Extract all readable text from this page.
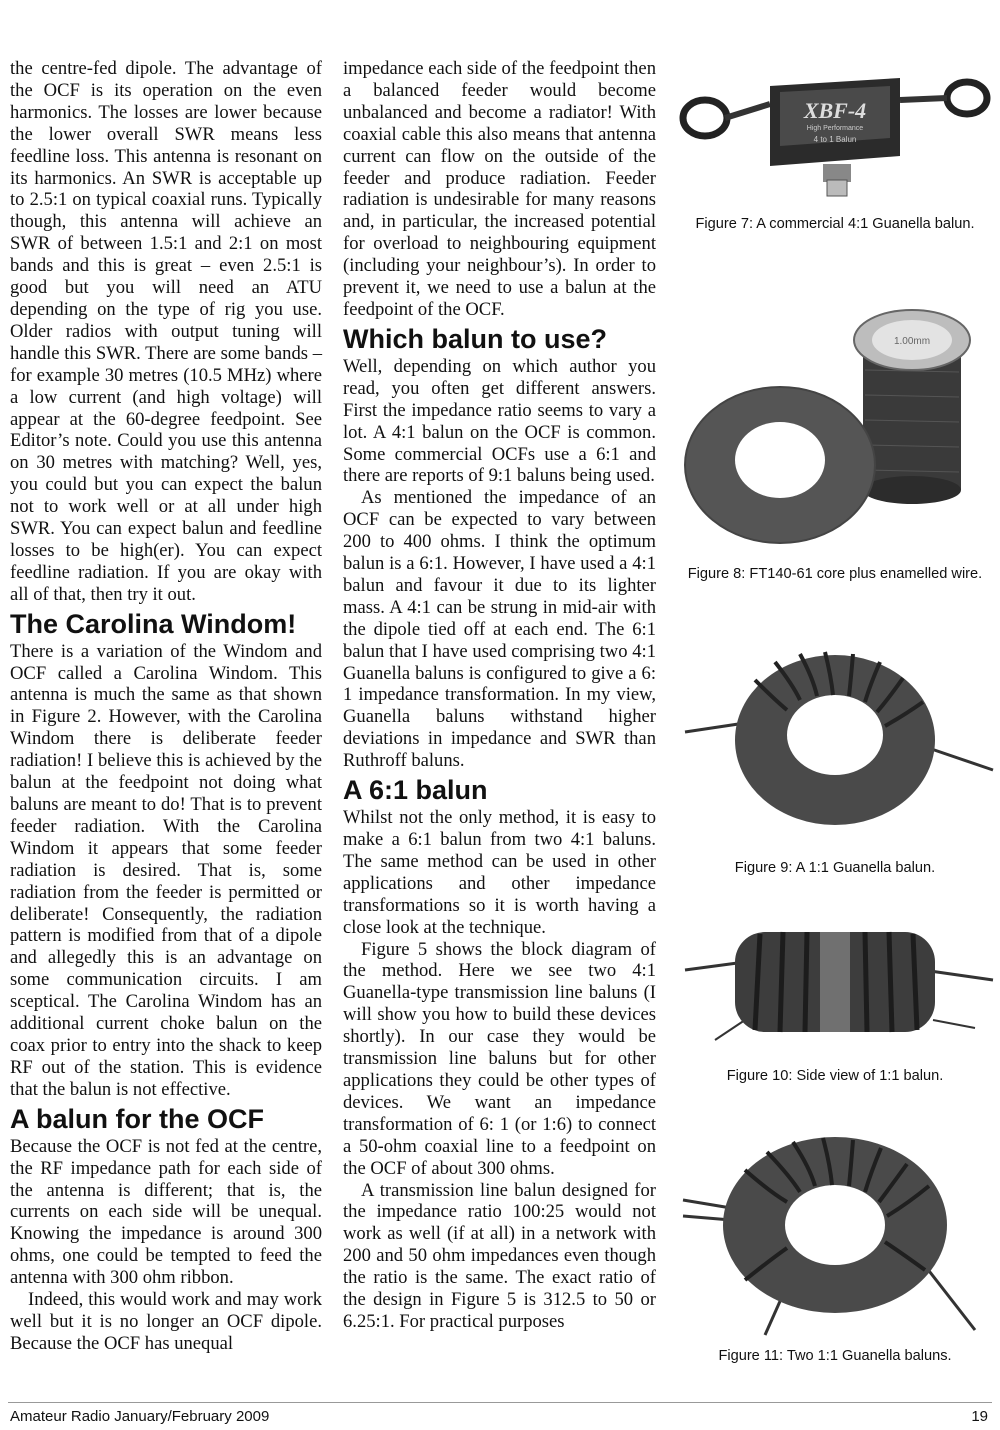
the centre-fed dipole. The advantage of the OCF is its operation on the even harmonics. The losses are lower because the lower overall SWR means less feedline loss. This antenna is resonant on its harmonics. An SWR is acceptable up to 2.5:1 on typical coaxial runs. Typically though, this antenna will achieve an SWR of between 1.5:1 and 2:1 on most bands and this is great – even 2.5:1 is good but you will need an ATU depending on the type of rig you use. Older radios with output tuning will handle this SWR. There are some bands – for example 30 metres (10.5 MHz) where a low current (and high voltage) will appear at the 60-degree feedpoint. See Editor’s note. Could you use this antenna on 30 metres with matching? Well, yes, you could but you can expect the balun not to work well or at all under high SWR. You can expect balun and feedline losses to be high(er). You can expect feedline radiation. If you are okay with all of that, then try it out.

The Carolina Windom!

There is a variation of the Windom and OCF called a Carolina Windom. This antenna is much the same as that shown in Figure 2. However, with the Carolina Windom there is deliberate feeder radiation! I believe this is achieved by the balun at the feedpoint not doing what baluns are meant to do! That is to prevent feeder radiation. With the Carolina Windom it appears that some feeder radiation is desired. That is, some radiation from the feeder is permitted or deliberate! Consequently, the radiation pattern is modified from that of a dipole and allegedly this is an advantage on some communication circuits. I am sceptical. The Carolina Windom has an additional current choke balun on the coax prior to entry into the shack to keep RF out of the station. This is evidence that the balun is not effective.

A balun for the OCF

Because the OCF is not fed at the centre, the RF impedance path for each side of the antenna is different; that is, the currents on each side will be unequal. Knowing the impedance is around 300 ohms, one could be tempted to feed the antenna with 300 ohm ribbon.

Indeed, this would work and may work well but it is no longer an OCF dipole. Because the OCF has unequal

impedance each side of the feedpoint then a balanced feeder would become unbalanced and become a radiator! With coaxial cable this also means that antenna current can flow on the outside of the feeder and produce radiation. Feeder radiation is undesirable for many reasons and, in particular, the increased potential for overload to neighbouring equipment (including your neighbour’s). In order to prevent it, we need to use a balun at the feedpoint of the OCF.

Which balun to use?

Well, depending on which author you read, you often get different answers. First the impedance ratio seems to vary a lot. A 4:1 balun on the OCF is common. Some commercial OCFs use a 6:1 and there are reports of 9:1 baluns being used.

As mentioned the impedance of an OCF can be expected to vary between 200 to 400 ohms. I think the optimum balun is a 6:1. However, I have used a 4:1 balun and favour it due to its lighter mass. A 4:1 can be strung in mid-air with the dipole tied off at each end. The 6:1 balun that I have used comprising two 4:1 Guanella baluns is configured to give a 6: 1 impedance transformation. In my view, Guanella baluns withstand higher deviations in impedance and SWR than Ruthroff baluns.

A 6:1 balun

Whilst not the only method, it is easy to make a 6:1 balun from two 4:1 baluns. The same method can be used in other applications and other impedance transformations so it is worth having a close look at the technique.

Figure 5 shows the block diagram of the method. Here we see two 4:1 Guanella-type transmission line baluns (I will show you how to build these devices shortly). In our case they would be transmission line baluns but for other applications they could be other types of devices. We want an impedance transformation of 6: 1 (or 1:6) to connect a 50-ohm coaxial line to a feedpoint on the OCF of about 300 ohms.

A transmission line balun designed for the impedance ratio 100:25 would not work as well (if at all) in a network with 200 and 50 ohm impedances even though the ratio is the same. The exact ratio of the design in Figure 5 is 312.5 to 50 or 6.25:1. For practical purposes

XBF-4
High Performance
4 to 1 Balun
Figure 7: A commercial 4:1 Guanella balun.
1.00mm
Figure 8: FT140-61 core plus enamelled wire.
Figure 9: A 1:1 Guanella balun.
Figure 10: Side view of 1:1 balun.
Figure 11: Two 1:1 Guanella baluns.
Amateur Radio January/February 2009	19
